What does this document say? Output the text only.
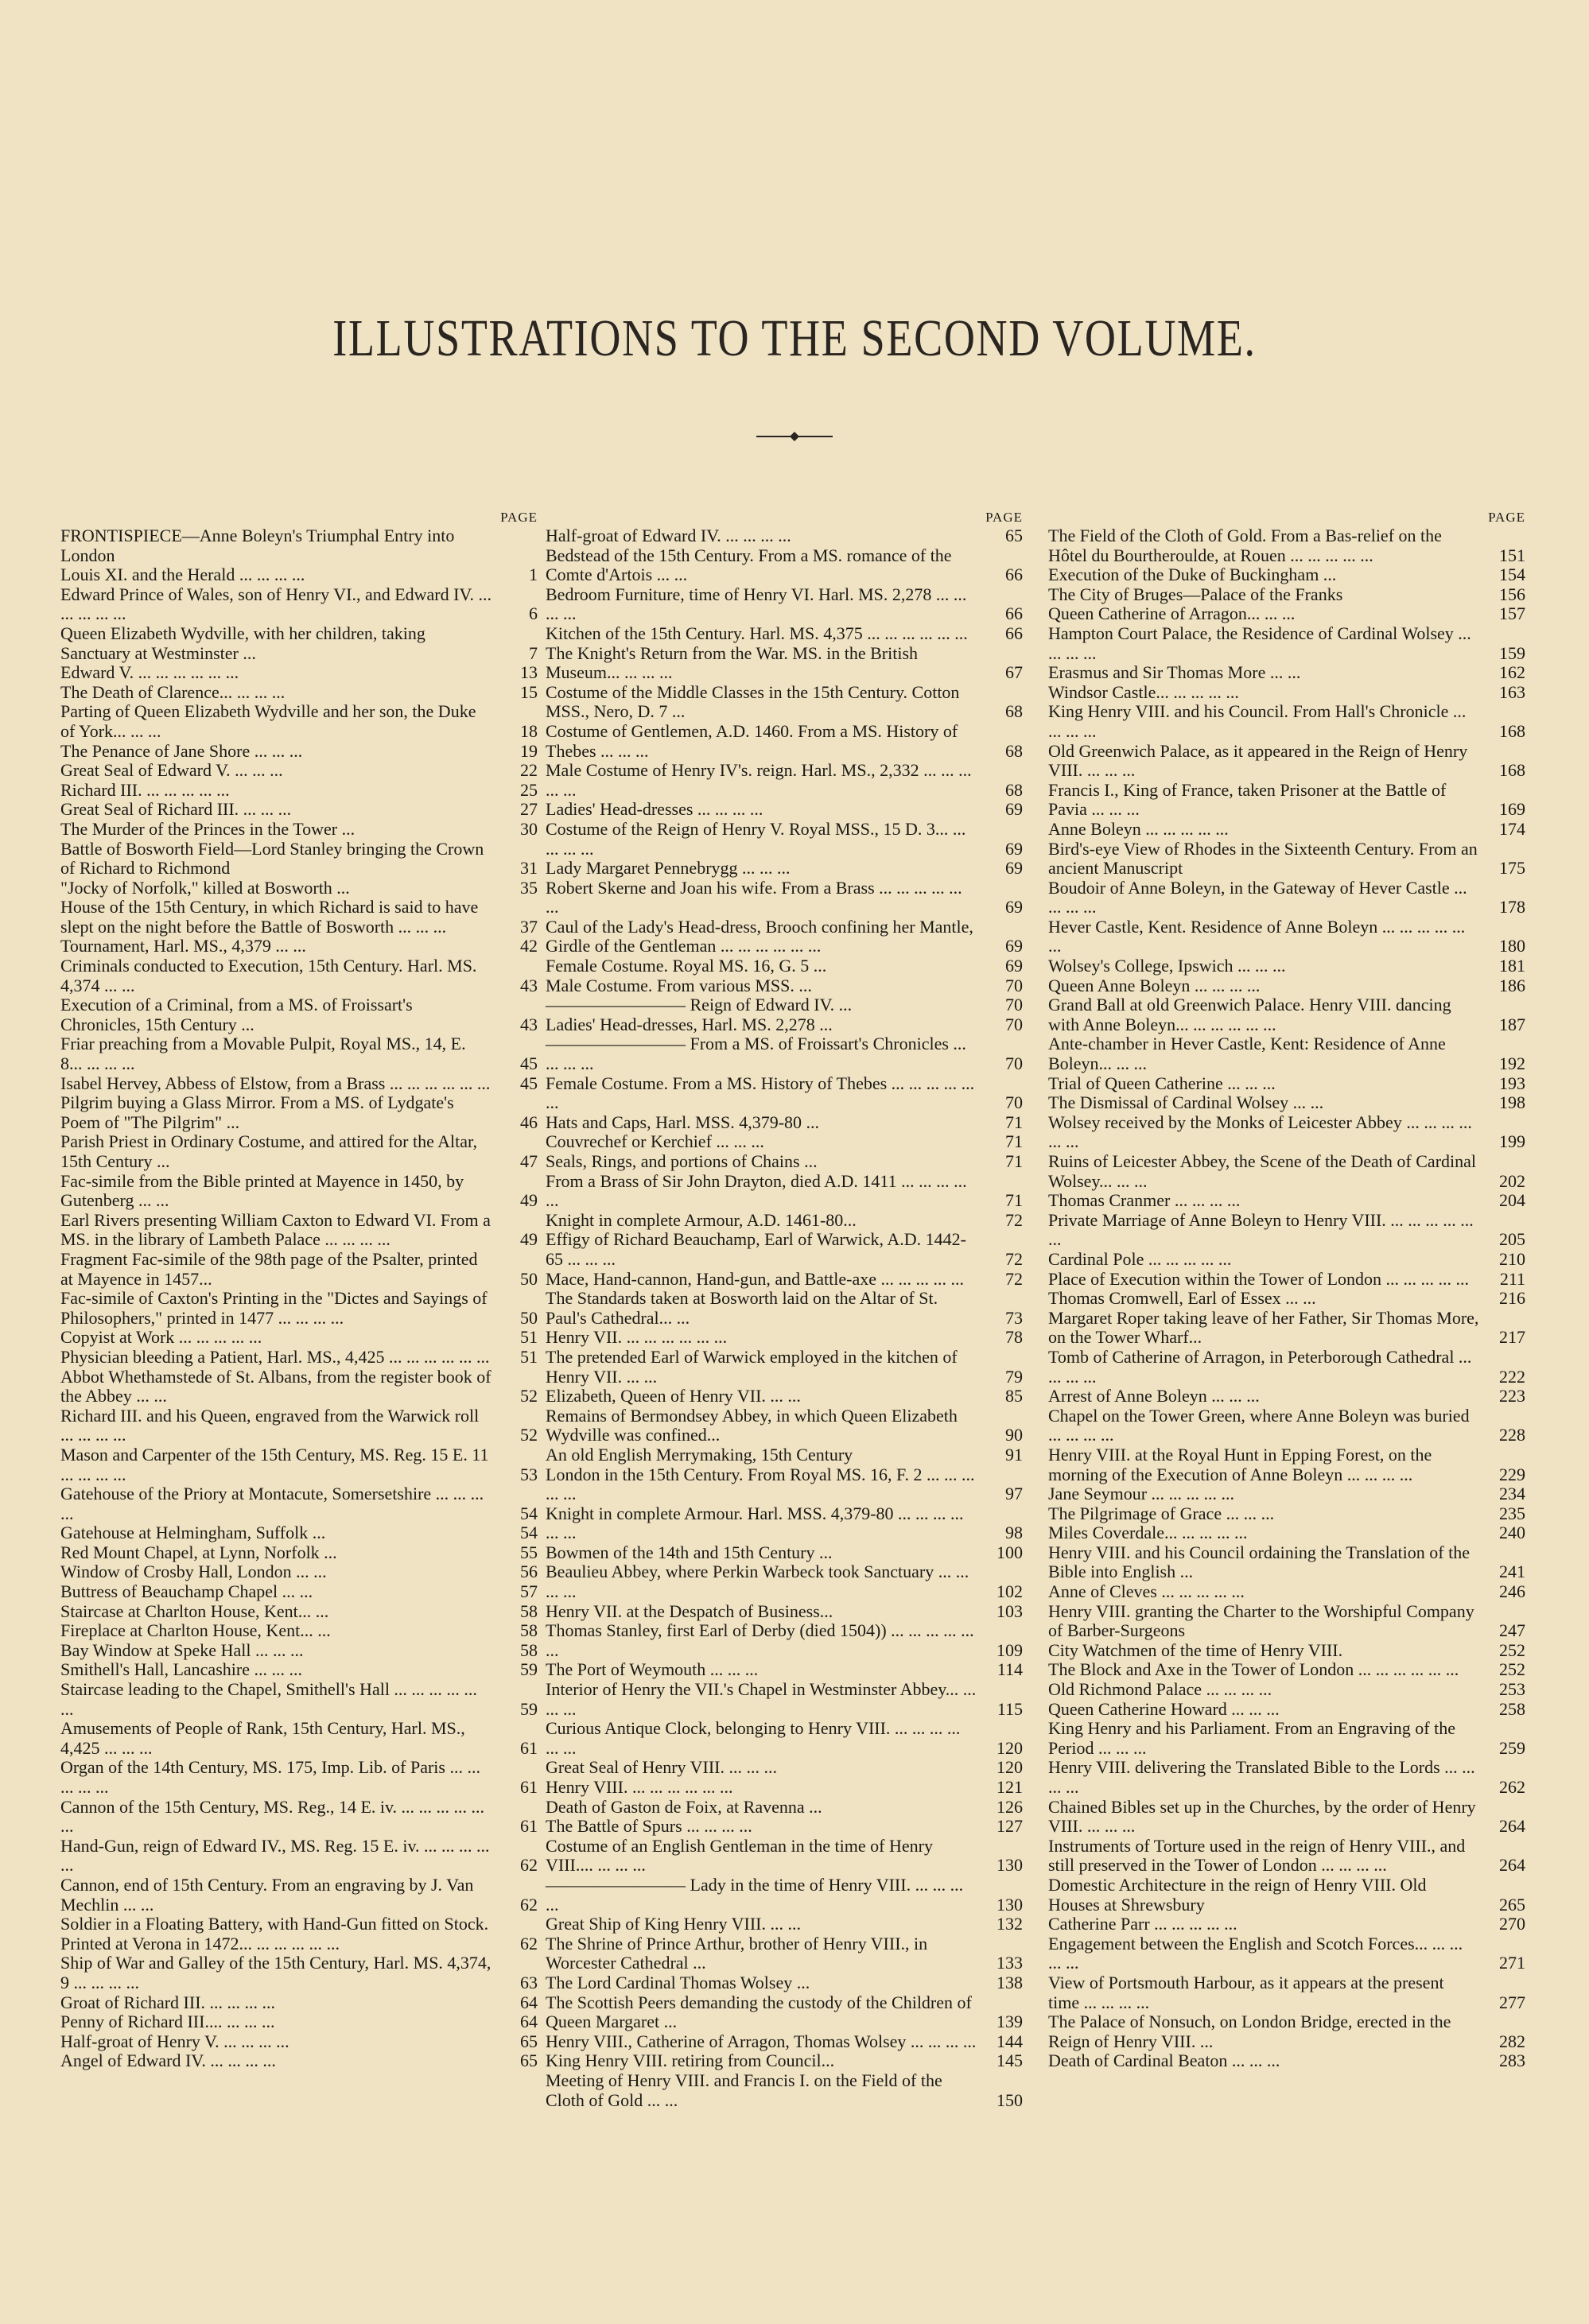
ILLUSTRATIONS TO THE SECOND VOLUME.
PAGE
FRONTISPIECE—Anne Boleyn's Triumphal Entry into London
Louis XI. and the Herald ... ... ... ...	1
Edward Prince of Wales, son of Henry VI., and Edward IV. ... ... ... ... ...	6
Queen Elizabeth Wydville, with her children, taking Sanctuary at Westminster ...	7
Edward V. ... ... ... ... ... ...	13
The Death of Clarence... ... ... ...	15
Parting of Queen Elizabeth Wydville and her son, the Duke of York... ... ...	18
The Penance of Jane Shore ... ... ...	19
Great Seal of Edward V. ... ... ...	22
Richard III. ... ... ... ... ...	25
Great Seal of Richard III. ... ... ...	27
The Murder of the Princes in the Tower ...	30
Battle of Bosworth Field—Lord Stanley bringing the Crown of Richard to Richmond	31
"Jocky of Norfolk," killed at Bosworth ...	35
House of the 15th Century, in which Richard is said to have slept on the night before the Battle of Bosworth ... ... ...	37
Tournament, Harl. MS., 4,379 ... ...	42
Criminals conducted to Execution, 15th Century. Harl. MS. 4,374 ... ...	43
Execution of a Criminal, from a MS. of Froissart's Chronicles, 15th Century ...	43
Friar preaching from a Movable Pulpit, Royal MS., 14, E. 8... ... ... ...	45
Isabel Hervey, Abbess of Elstow, from a Brass ... ... ... ... ... ...	45
Pilgrim buying a Glass Mirror. From a MS. of Lydgate's Poem of "The Pilgrim" ...	46
Parish Priest in Ordinary Costume, and attired for the Altar, 15th Century ...	47
Fac-simile from the Bible printed at Mayence in 1450, by Gutenberg ... ...	49
Earl Rivers presenting William Caxton to Edward VI. From a MS. in the library of Lambeth Palace ... ... ... ...	49
Fragment Fac-simile of the 98th page of the Psalter, printed at Mayence in 1457...	50
Fac-simile of Caxton's Printing in the "Dictes and Sayings of Philosophers," printed in 1477 ... ... ... ...	50
Copyist at Work ... ... ... ... ...	51
Physician bleeding a Patient, Harl. MS., 4,425 ... ... ... ... ... ...	51
Abbot Whethamstede of St. Albans, from the register book of the Abbey ... ...	52
Richard III. and his Queen, engraved from the Warwick roll ... ... ... ...	52
Mason and Carpenter of the 15th Century, MS. Reg. 15 E. 11 ... ... ... ...	53
Gatehouse of the Priory at Montacute, Somersetshire ... ... ... ...	54
Gatehouse at Helmingham, Suffolk ...	54
Red Mount Chapel, at Lynn, Norfolk ...	55
Window of Crosby Hall, London ... ...	56
Buttress of Beauchamp Chapel ... ...	57
Staircase at Charlton House, Kent... ...	58
Fireplace at Charlton House, Kent... ...	58
Bay Window at Speke Hall ... ... ...	58
Smithell's Hall, Lancashire ... ... ...	59
Staircase leading to the Chapel, Smithell's Hall ... ... ... ... ... ...	59
Amusements of People of Rank, 15th Century, Harl. MS., 4,425 ... ... ...	61
Organ of the 14th Century, MS. 175, Imp. Lib. of Paris ... ... ... ... ...	61
Cannon of the 15th Century, MS. Reg., 14 E. iv. ... ... ... ... ... ...	61
Hand-Gun, reign of Edward IV., MS. Reg. 15 E. iv. ... ... ... ... ...	62
Cannon, end of 15th Century. From an engraving by J. Van Mechlin ... ...	62
Soldier in a Floating Battery, with Hand-Gun fitted on Stock. Printed at Verona in 1472... ... ... ... ... ...	62
Ship of War and Galley of the 15th Century, Harl. MS. 4,374, 9 ... ... ... ...	63
Groat of Richard III. ... ... ... ...	64
Penny of Richard III.... ... ... ...	64
Half-groat of Henry V. ... ... ... ...	65
Angel of Edward IV. ... ... ... ...	65
PAGE
Half-groat of Edward IV. ... ... ... ...	65
Bedstead of the 15th Century. From a MS. romance of the Comte d'Artois ... ...	66
Bedroom Furniture, time of Henry VI. Harl. MS. 2,278 ... ... ... ...	66
Kitchen of the 15th Century. Harl. MS. 4,375 ... ... ... ... ... ...	66
The Knight's Return from the War. MS. in the British Museum... ... ... ...	67
Costume of the Middle Classes in the 15th Century. Cotton MSS., Nero, D. 7 ...	68
Costume of Gentlemen, A.D. 1460. From a MS. History of Thebes ... ... ...	68
Male Costume of Henry IV's. reign. Harl. MS., 2,332 ... ... ... ... ...	68
Ladies' Head-dresses ... ... ... ...	69
Costume of the Reign of Henry V. Royal MSS., 15 D. 3... ... ... ... ...	69
Lady Margaret Pennebrygg ... ... ...	69
Robert Skerne and Joan his wife. From a Brass ... ... ... ... ... ...	69
Caul of the Lady's Head-dress, Brooch confining her Mantle, Girdle of the Gentleman ... ... ... ... ... ...	69
Female Costume. Royal MS. 16, G. 5 ...	69
Male Costume. From various MSS. ...	70
———————— Reign of Edward IV. ...	70
Ladies' Head-dresses, Harl. MS. 2,278 ...	70
———————— From a MS. of Froissart's Chronicles ... ... ... ...	70
Female Costume. From a MS. History of Thebes ... ... ... ... ... ...	70
Hats and Caps, Harl. MSS. 4,379-80 ...	71
Couvrechef or Kerchief ... ... ...	71
Seals, Rings, and portions of Chains ...	71
From a Brass of Sir John Drayton, died A.D. 1411 ... ... ... ... ...	71
Knight in complete Armour, A.D. 1461-80...	72
Effigy of Richard Beauchamp, Earl of Warwick, A.D. 1442-65 ... ... ...	72
Mace, Hand-cannon, Hand-gun, and Battle-axe ... ... ... ... ...	72
The Standards taken at Bosworth laid on the Altar of St. Paul's Cathedral... ...	73
Henry VII. ... ... ... ... ... ...	78
The pretended Earl of Warwick employed in the kitchen of Henry VII. ... ...	79
Elizabeth, Queen of Henry VII. ... ...	85
Remains of Bermondsey Abbey, in which Queen Elizabeth Wydville was confined...	90
An old English Merrymaking, 15th Century	91
London in the 15th Century. From Royal MS. 16, F. 2 ... ... ... ... ...	97
Knight in complete Armour. Harl. MSS. 4,379-80 ... ... ... ... ... ...	98
Bowmen of the 14th and 15th Century ...	100
Beaulieu Abbey, where Perkin Warbeck took Sanctuary ... ... ... ...	102
Henry VII. at the Despatch of Business...	103
Thomas Stanley, first Earl of Derby (died 1504)) ... ... ... ... ... ...	109
The Port of Weymouth ... ... ...	114
Interior of Henry the VII.'s Chapel in Westminster Abbey... ... ... ...	115
Curious Antique Clock, belonging to Henry VIII. ... ... ... ... ... ...	120
Great Seal of Henry VIII. ... ... ...	120
Henry VIII. ... ... ... ... ... ...	121
Death of Gaston de Foix, at Ravenna ...	126
The Battle of Spurs ... ... ... ...	127
Costume of an English Gentleman in the time of Henry VIII.... ... ... ...	130
———————— Lady in the time of Henry VIII. ... ... ... ...	130
Great Ship of King Henry VIII. ... ...	132
The Shrine of Prince Arthur, brother of Henry VIII., in Worcester Cathedral ...	133
The Lord Cardinal Thomas Wolsey ...	138
The Scottish Peers demanding the custody of the Children of Queen Margaret ...	139
Henry VIII., Catherine of Arragon, Thomas Wolsey ... ... ... ...	144
King Henry VIII. retiring from Council...	145
Meeting of Henry VIII. and Francis I. on the Field of the Cloth of Gold ... ...	150
PAGE
The Field of the Cloth of Gold. From a Bas-relief on the Hôtel du Bourtheroulde, at Rouen ... ... ... ... ...	151
Execution of the Duke of Buckingham ...	154
The City of Bruges—Palace of the Franks	156
Queen Catherine of Arragon... ... ...	157
Hampton Court Palace, the Residence of Cardinal Wolsey ... ... ... ...	159
Erasmus and Sir Thomas More ... ...	162
Windsor Castle... ... ... ... ...	163
King Henry VIII. and his Council. From Hall's Chronicle ... ... ... ...	168
Old Greenwich Palace, as it appeared in the Reign of Henry VIII. ... ... ...	168
Francis I., King of France, taken Prisoner at the Battle of Pavia ... ... ...	169
Anne Boleyn ... ... ... ... ...	174
Bird's-eye View of Rhodes in the Sixteenth Century. From an ancient Manuscript	175
Boudoir of Anne Boleyn, in the Gateway of Hever Castle ... ... ... ...	178
Hever Castle, Kent. Residence of Anne Boleyn ... ... ... ... ... ...	180
Wolsey's College, Ipswich ... ... ...	181
Queen Anne Boleyn ... ... ... ...	186
Grand Ball at old Greenwich Palace. Henry VIII. dancing with Anne Boleyn... ... ... ... ... ...	187
Ante-chamber in Hever Castle, Kent: Residence of Anne Boleyn... ... ...	192
Trial of Queen Catherine ... ... ...	193
The Dismissal of Cardinal Wolsey ... ...	198
Wolsey received by the Monks of Leicester Abbey ... ... ... ... ... ...	199
Ruins of Leicester Abbey, the Scene of the Death of Cardinal Wolsey... ... ...	202
Thomas Cranmer ... ... ... ...	204
Private Marriage of Anne Boleyn to Henry VIII. ... ... ... ... ... ...	205
Cardinal Pole ... ... ... ... ...	210
Place of Execution within the Tower of London ... ... ... ... ...	211
Thomas Cromwell, Earl of Essex ... ...	216
Margaret Roper taking leave of her Father, Sir Thomas More, on the Tower Wharf...	217
Tomb of Catherine of Arragon, in Peterborough Cathedral ... ... ... ...	222
Arrest of Anne Boleyn ... ... ...	223
Chapel on the Tower Green, where Anne Boleyn was buried ... ... ... ...	228
Henry VIII. at the Royal Hunt in Epping Forest, on the morning of the Execution of Anne Boleyn ... ... ... ...	229
Jane Seymour ... ... ... ... ...	234
The Pilgrimage of Grace ... ... ...	235
Miles Coverdale... ... ... ... ...	240
Henry VIII. and his Council ordaining the Translation of the Bible into English ...	241
Anne of Cleves ... ... ... ... ...	246
Henry VIII. granting the Charter to the Worshipful Company of Barber-Surgeons	247
City Watchmen of the time of Henry VIII.	252
The Block and Axe in the Tower of London ... ... ... ... ... ...	252
Old Richmond Palace ... ... ... ...	253
Queen Catherine Howard ... ... ...	258
King Henry and his Parliament. From an Engraving of the Period ... ... ...	259
Henry VIII. delivering the Translated Bible to the Lords ... ... ... ...	262
Chained Bibles set up in the Churches, by the order of Henry VIII. ... ... ...	264
Instruments of Torture used in the reign of Henry VIII., and still preserved in the Tower of London ... ... ... ...	264
Domestic Architecture in the reign of Henry VIII. Old Houses at Shrewsbury	265
Catherine Parr ... ... ... ... ...	270
Engagement between the English and Scotch Forces... ... ... ... ...	271
View of Portsmouth Harbour, as it appears at the present time ... ... ... ...	277
The Palace of Nonsuch, on London Bridge, erected in the Reign of Henry VIII. ...	282
Death of Cardinal Beaton ... ... ...	283
